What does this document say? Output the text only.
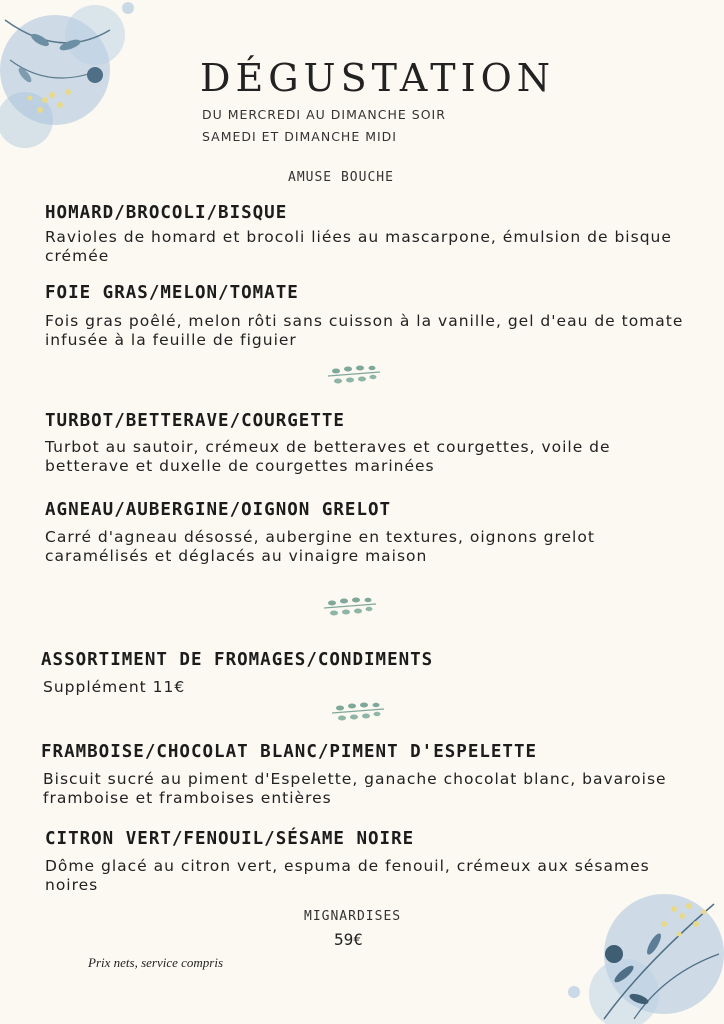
DÉGUSTATION
DU MERCREDI AU DIMANCHE SOIR
SAMEDI ET DIMANCHE MIDI
AMUSE BOUCHE
HOMARD/BROCOLI/BISQUE

Ravioles de homard et brocoli liées au mascarpone, émulsion de bisque crémée

FOIE GRAS/MELON/TOMATE

Fois gras poêlé, melon rôti sans cuisson à la vanille, gel d'eau de tomate infusée à la feuille de figuier

TURBOT/BETTERAVE/COURGETTE

Turbot au sautoir, crémeux de betteraves et courgettes, voile de betterave et duxelle de courgettes marinées

AGNEAU/AUBERGINE/OIGNON GRELOT

Carré d'agneau désossé, aubergine en textures, oignons grelot caramélisés et déglacés au vinaigre maison

ASSORTIMENT DE FROMAGES/CONDIMENTS

Supplément 11€

FRAMBOISE/CHOCOLAT BLANC/PIMENT D'ESPELETTE

Biscuit sucré au piment d'Espelette, ganache chocolat blanc, bavaroise framboise et framboises entières

CITRON VERT/FENOUIL/SÉSAME NOIRE

Dôme glacé au citron vert, espuma de fenouil, crémeux aux sésames noires

MIGNARDISES
59€
Prix nets, service compris
